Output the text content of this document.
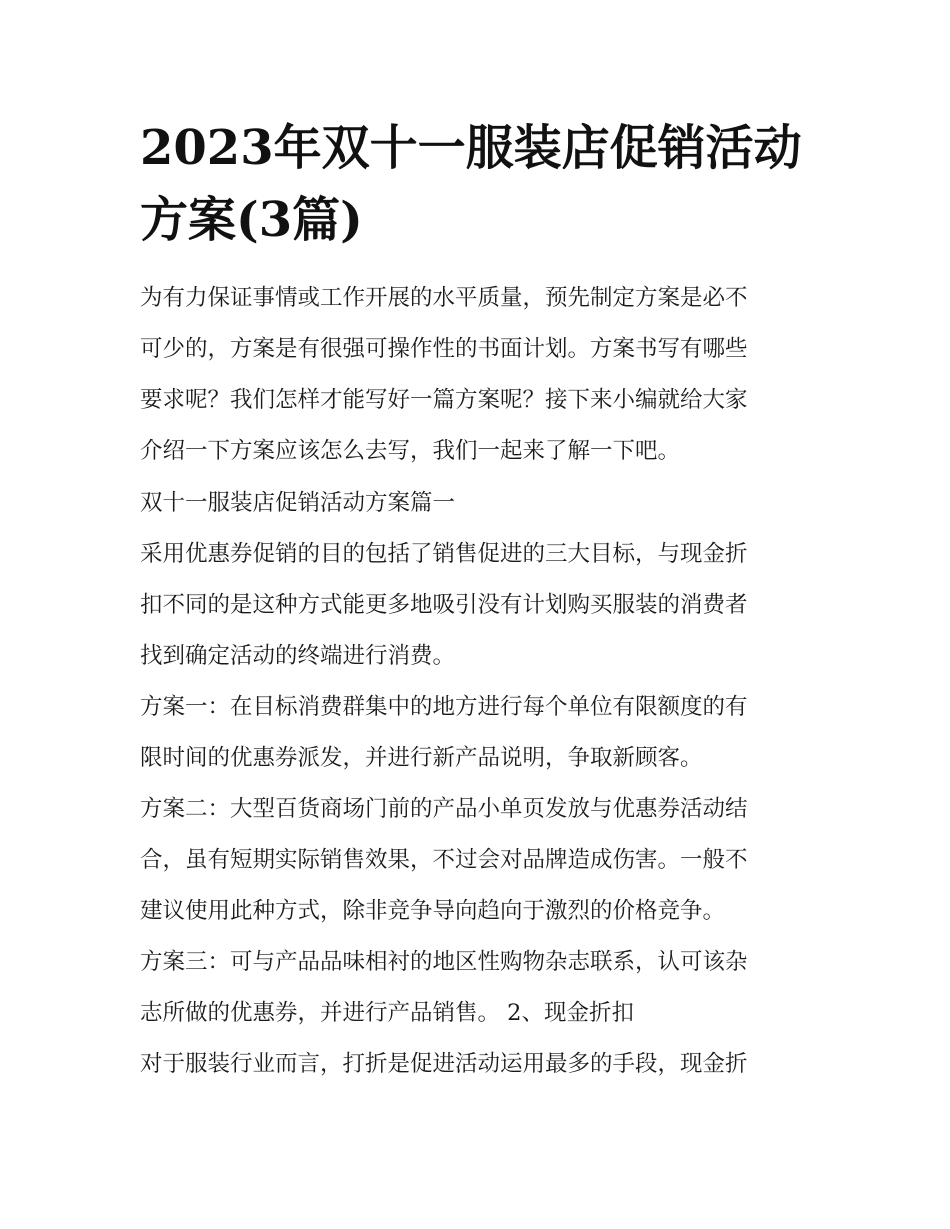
2023年双十一服装店促销活动
方案(3篇)
为有力保证事情或工作开展的水平质量，预先制定方案是必不
可少的，方案是有很强可操作性的书面计划。方案书写有哪些
要求呢？我们怎样才能写好一篇方案呢？接下来小编就给大家
介绍一下方案应该怎么去写，我们一起来了解一下吧。
双十一服装店促销活动方案篇一
采用优惠券促销的目的包括了销售促进的三大目标，与现金折
扣不同的是这种方式能更多地吸引没有计划购买服装的消费者
找到确定活动的终端进行消费。
方案一：在目标消费群集中的地方进行每个单位有限额度的有
限时间的优惠券派发，并进行新产品说明，争取新顾客。
方案二：大型百货商场门前的产品小单页发放与优惠券活动结
合，虽有短期实际销售效果，不过会对品牌造成伤害。一般不
建议使用此种方式，除非竞争导向趋向于激烈的价格竞争。
方案三：可与产品品味相衬的地区性购物杂志联系，认可该杂
志所做的优惠券，并进行产品销售。 2、现金折扣
对于服装行业而言，打折是促进活动运用最多的手段，现金折
